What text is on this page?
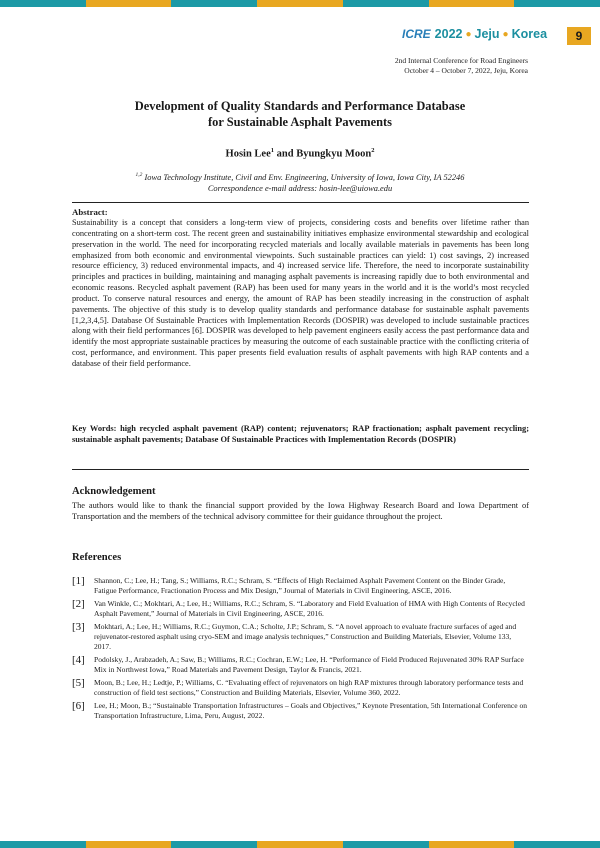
ICRE 2022 ● Jeju ● Korea	9
2nd Internal Conference for Road Engineers
October 4 – October 7, 2022, Jeju, Korea
Development of Quality Standards and Performance Database
for Sustainable Asphalt Pavements
Hosin Lee$^1$ and Byungkyu Moon$^2$
$^{1,2}$ Iowa Technology Institute, Civil and Env. Engineering, University of Iowa, Iowa City, IA 52246
Correspondence e-mail address: hosin-lee@uiowa.edu
Abstract:
Sustainability is a concept that considers a long-term view of projects, considering costs and benefits over lifetime rather than concentrating on a short-term cost. The recent green and sustainability initiatives emphasize environmental stewardship and ecological preservation in the world. The need for incorporating recycled materials and locally available materials in pavements has been long emphasized from both economic and environmental viewpoints. Such sustainable practices can yield: 1) cost savings, 2) increased resource efficiency, 3) reduced environmental impacts, and 4) increased service life. Therefore, the need to incorporate sustainability principles and practices in building, maintaining and managing asphalt pavements is increasing rapidly due to both environmental and economic reasons. Recycled asphalt pavement (RAP) has been used for many years in the world and it is the world’s most recycled product. To conserve natural resources and energy, the amount of RAP has been steadily increasing in the construction of asphalt pavements. The objective of this study is to develop quality standards and performance database for sustainable asphalt pavements [1,2,3,4,5]. Database Of Sustainable Practices with Implementation Records (DOSPIR) was developed to include sustainable practices along with their field performances [6]. DOSPIR was developed to help pavement engineers easily access the past performance data and identify the most appropriate sustainable practices by measuring the outcome of each sustainable practice with the conflicting criteria of cost, performance, and environment. This paper presents field evaluation results of asphalt pavements with high RAP contents and a database of their field performance.
Key Words: high recycled asphalt pavement (RAP) content; rejuvenators; RAP fractionation; asphalt pavement recycling; sustainable asphalt pavements; Database Of Sustainable Practices with Implementation Records (DOSPIR)
Acknowledgement
The authors would like to thank the financial support provided by the Iowa Highway Research Board and Iowa Department of Transportation and the members of the technical advisory committee for their guidance throughout the project.
References
[1]	Shannon, C.; Lee, H.; Tang, S.; Williams, R.C.; Schram, S. “Effects of High Reclaimed Asphalt Pavement Content on the Binder Grade, Fatigue Performance, Fractionation Process and Mix Design,” Journal of Materials in Civil Engineering, ASCE, 2016.
[2]	Van Winkle, C.; Mokhtari, A.; Lee, H.; Williams, R.C.; Schram, S. “Laboratory and Field Evaluation of HMA with High Contents of Recycled Asphalt Pavement,” Journal of Materials in Civil Engineering, ASCE, 2016.
[3]	Mokhtari, A.; Lee, H.; Williams, R.C.; Guymon, C.A.; Scholte, J.P.; Schram, S. “A novel approach to evaluate fracture surfaces of aged and rejuvenator-restored asphalt using cryo-SEM and image analysis techniques,” Construction and Building Materials, Elsevier, Volume 133, 2017.
[4]	Podolsky, J., Arabzadeh, A.; Saw, B.; Williams, R.C.; Cochran, E.W.; Lee, H. “Performance of Field Produced Rejuvenated 30% RAP Surface Mix in Northwest Iowa,” Road Materials and Pavement Design, Taylor & Francis, 2021.
[5]	Moon, B.; Lee, H.; Ledtje, P.; Williams, C. “Evaluating effect of rejuvenators on high RAP mixtures through laboratory performance tests and construction of field test sections,” Construction and Building Materials, Elsevier, Volume 360, 2022.
[6]	Lee, H.; Moon, B.; “Sustainable Transportation Infrastructures – Goals and Objectives,” Keynote Presentation, 5th International Conference on Transportation Infrastructure, Lima, Peru, August, 2022.
